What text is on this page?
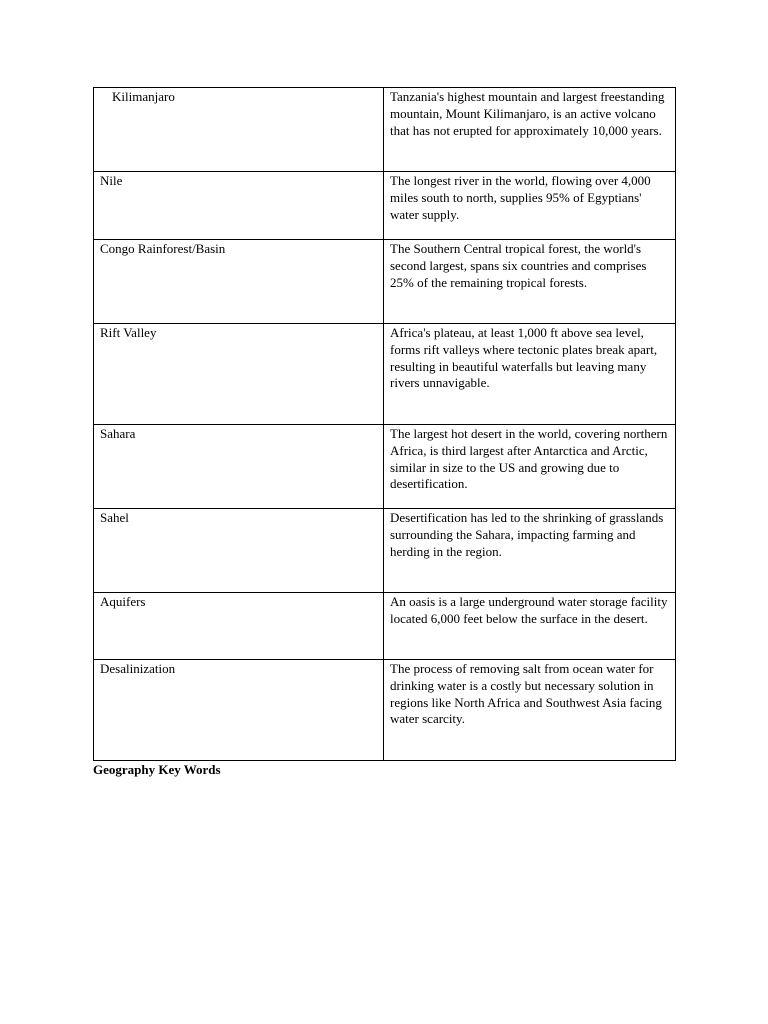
Kilimanjaro	Tanzania's highest mountain and largest freestanding mountain, Mount Kilimanjaro, is an active volcano that has not erupted for approximately 10,000 years.
Nile	The longest river in the world, flowing over 4,000 miles south to north, supplies 95% of Egyptians' water supply.
Congo Rainforest/Basin	The Southern Central tropical forest, the world's second largest, spans six countries and comprises 25% of the remaining tropical forests.
Rift Valley	Africa's plateau, at least 1,000 ft above sea level, forms rift valleys where tectonic plates break apart, resulting in beautiful waterfalls but leaving many rivers unnavigable.
Sahara	The largest hot desert in the world, covering northern Africa, is third largest after Antarctica and Arctic, similar in size to the US and growing due to desertification.
Sahel	Desertification has led to the shrinking of grasslands surrounding the Sahara, impacting farming and herding in the region.
Aquifers	An oasis is a large underground water storage facility located 6,000 feet below the surface in the desert.
Desalinization	The process of removing salt from ocean water for drinking water is a costly but necessary solution in regions like North Africa and Southwest Asia facing water scarcity.
Geography Key Words
